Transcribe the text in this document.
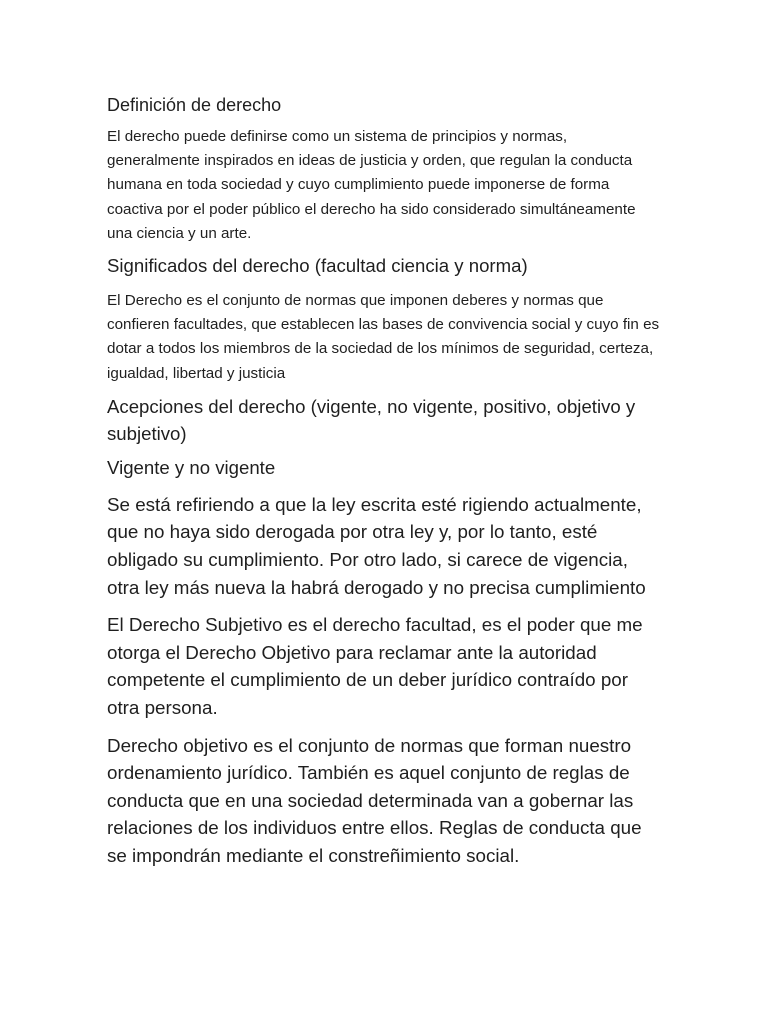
Definición de derecho

El derecho puede definirse como un sistema de principios y normas, generalmente inspirados en ideas de justicia y orden, que regulan la conducta humana en toda sociedad y cuyo cumplimiento puede imponerse de forma coactiva por el poder público el derecho ha sido considerado simultáneamente una ciencia y un arte.

Significados del derecho (facultad ciencia y norma)

El Derecho es el conjunto de normas que imponen deberes y normas que confieren facultades, que establecen las bases de convivencia social y cuyo fin es dotar a todos los miembros de la sociedad de los mínimos de seguridad, certeza, igualdad, libertad y justicia

Acepciones del derecho (vigente, no vigente, positivo, objetivo y subjetivo)

Vigente y no vigente

Se está refiriendo a que la ley escrita esté rigiendo actualmente, que no haya sido derogada por otra ley y, por lo tanto, esté obligado su cumplimiento. Por otro lado, si carece de vigencia, otra ley más nueva la habrá derogado y no precisa cumplimiento

El Derecho Subjetivo es el derecho facultad, es el poder que me otorga el Derecho Objetivo para reclamar ante la autoridad competente el cumplimiento de un deber jurídico contraído por otra persona.

Derecho objetivo es el conjunto de normas que forman nuestro ordenamiento jurídico. También es aquel conjunto de reglas de conducta que en una sociedad determinada van a gobernar las relaciones de los individuos entre ellos. Reglas de conducta que se impondrán mediante el constreñimiento social.
